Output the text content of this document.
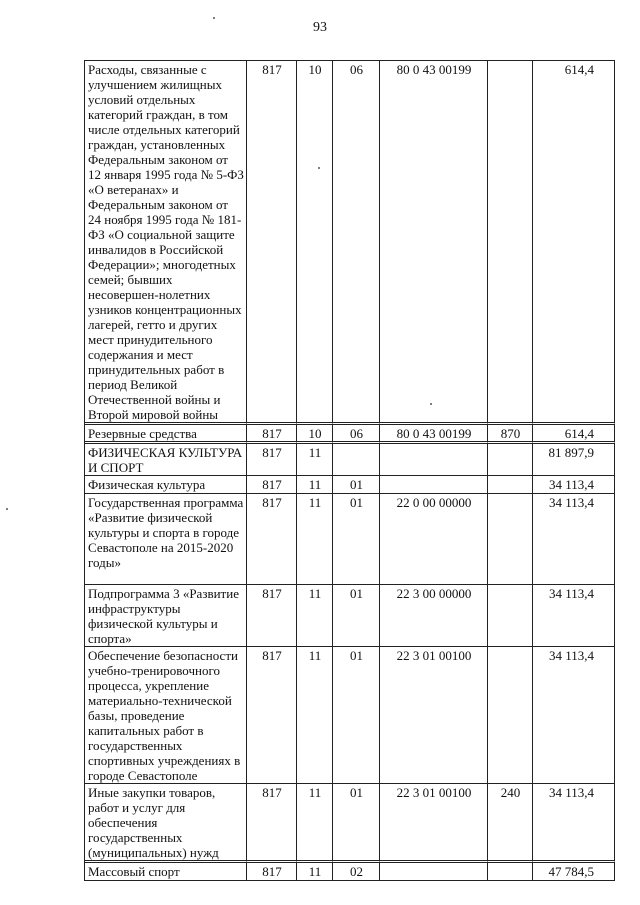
93
Расходы, связанные с улучшением жилищных условий отдельных категорий граждан, в том числе отдельных категорий граждан, установленных Федеральным законом от 12 января 1995 года № 5-ФЗ «О ветеранах» и Федеральным законом от 24 ноября 1995 года № 181-ФЗ «О социальной защите инвалидов в Российской Федерации»; многодетных семей; бывших несовершен-нолетних узников концентрационных лагерей, гетто и других мест принудительного содержания и мест принудительных работ в период Великой Отечественной войны и Второй мировой войны	817	10	06	80 0 43 00199		614,4
Резервные средства	817	10	06	80 0 43 00199	870	614,4
ФИЗИЧЕСКАЯ КУЛЬТУРА И СПОРТ	817	11				81 897,9
Физическая культура	817	11	01			34 113,4
Государственная программа «Развитие физической культуры и спорта в городе Севастополе на 2015-2020 годы»	817	11	01	22 0 00 00000		34 113,4
Подпрограмма 3 «Развитие инфраструктуры физической культуры и спорта»	817	11	01	22 3 00 00000		34 113,4
Обеспечение безопасности учебно-тренировочного процесса, укрепление материально-технической базы, проведение капитальных работ в государственных спортивных учреждениях в городе Севастополе	817	11	01	22 3 01 00100		34 113,4
Иные закупки товаров, работ и услуг для обеспечения государственных (муниципальных) нужд	817	11	01	22 3 01 00100	240	34 113,4
Массовый спорт	817	11	02			47 784,5
